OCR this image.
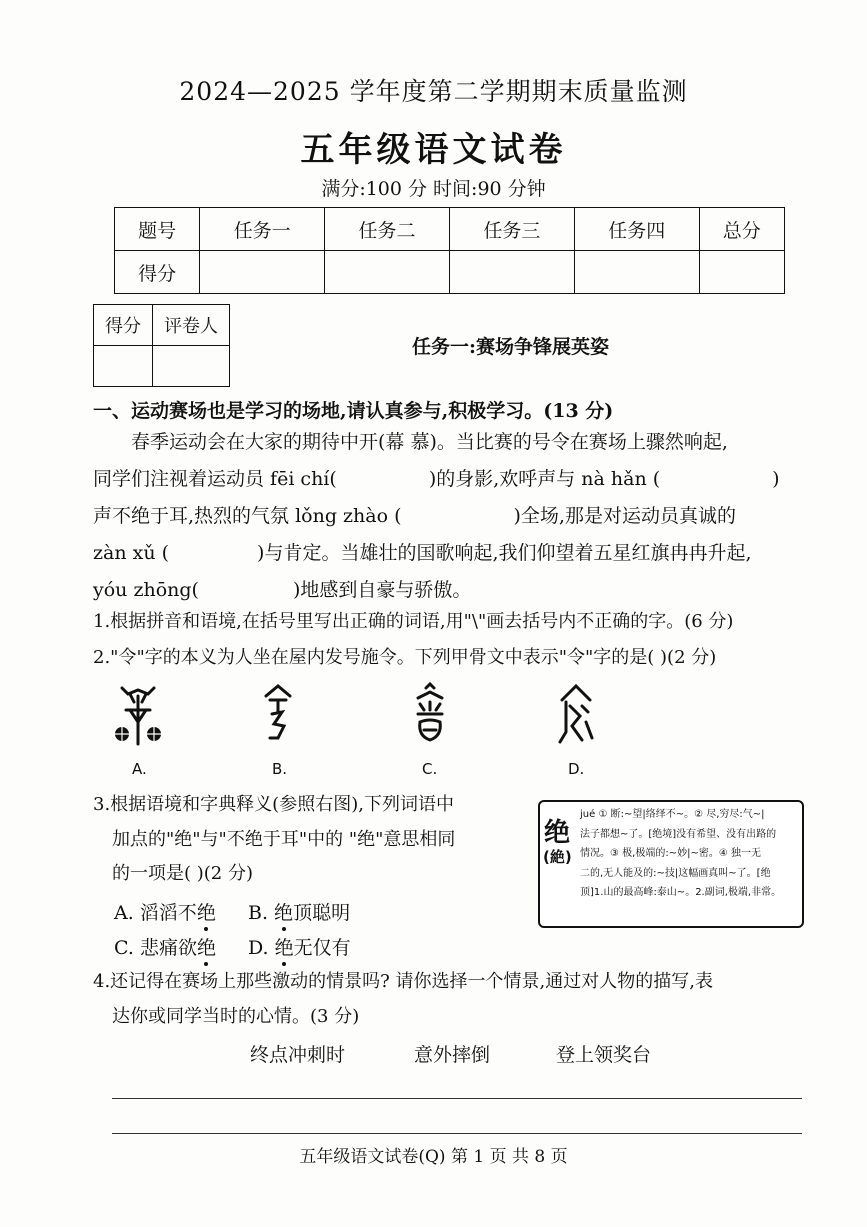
2024—2025 学年度第二学期期末质量监测
五年级语文试卷
满分:100 分 时间:90 分钟
题号	任务一	任务二	任务三	任务四	总分
得分					
得分	评卷人

任务一:赛场争锋展英姿
一、运动赛场也是学习的场地,请认真参与,积极学习。(13 分)
春季运动会在大家的期待中开(幕 慕)。当比赛的号令在赛场上骤然响起,
同学们注视着运动员 fēi chí(	)的身影,欢呼声与 nà hǎn (	)
声不绝于耳,热烈的气氛 lǒng zhào (	)全场,那是对运动员真诚的
zàn xǔ (	)与肯定。当雄壮的国歌响起,我们仰望着五星红旗冉冉升起,
yóu zhōng(	)地感到自豪与骄傲。
1.根据拼音和语境,在括号里写出正确的词语,用"\"画去括号内不正确的字。(6 分)
2."令"字的本义为人坐在屋内发号施令。下列甲骨文中表示"令"字的是( )(2 分)
A.	B.	C.	D.
3.根据语境和字典释义(参照右图),下列词语中
加点的"绝"与"不绝于耳"中的 "绝"意思相同
的一项是( )(2 分)
A. 滔滔不绝 B. 绝顶聪明
C. 悲痛欲绝 D. 绝无仅有
绝
(絶)
jué ① 断:~望|络绎不~。② 尽,穷尽:气~|
法子都想~了。[绝境]没有希望、没有出路的
情况。③ 极,极端的:~妙|~密。④ 独一无
二的,无人能及的:~技|这幅画真叫~了。[绝
顶]1.山的最高峰:泰山~。2.副词,极端,非常。
4.还记得在赛场上那些激动的情景吗? 请你选择一个情景,通过对人物的描写,表
达你或同学当时的心情。(3 分)
终点冲刺时	意外摔倒	登上领奖台
五年级语文试卷(Q) 第 1 页 共 8 页
